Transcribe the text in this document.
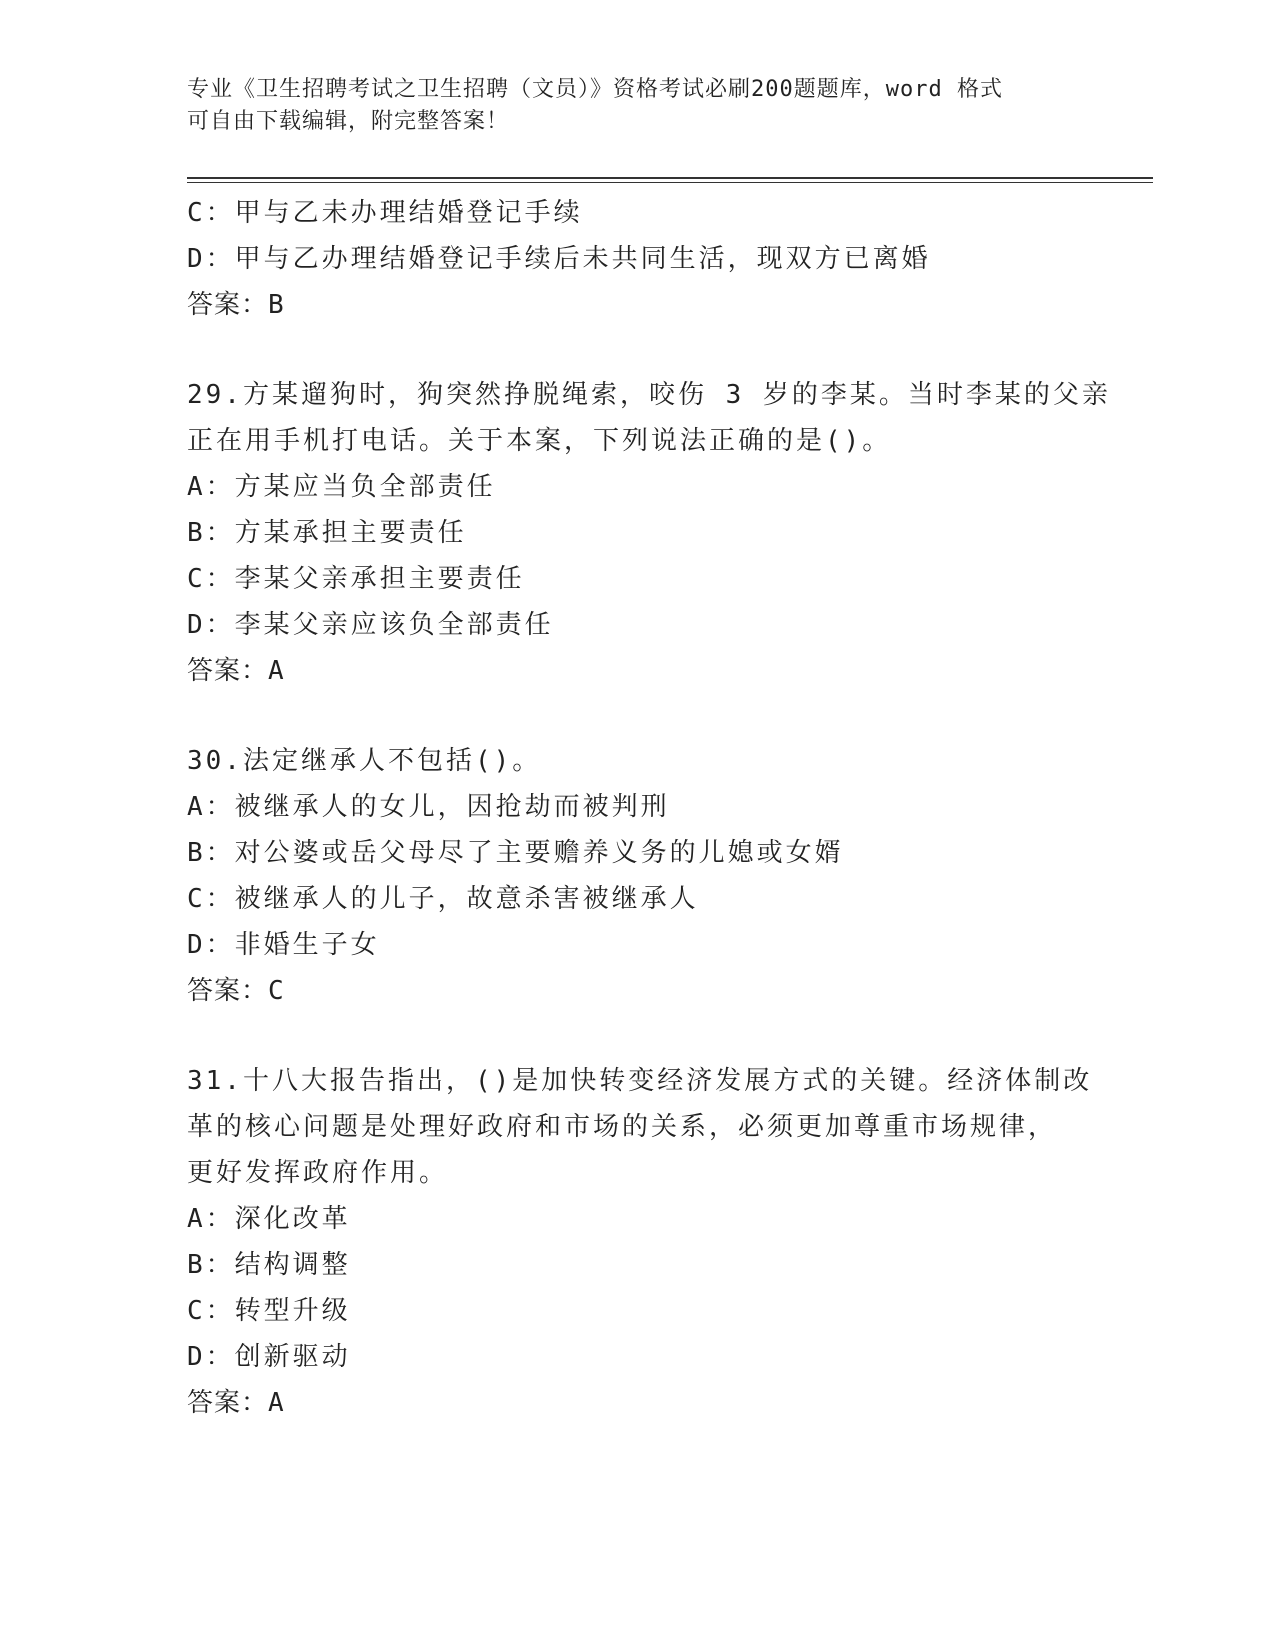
专业《卫生招聘考试之卫生招聘（文员）》资格考试必刷200题题库，word 格式
可自由下载编辑，附完整答案！
C：甲与乙未办理结婚登记手续
D：甲与乙办理结婚登记手续后未共同生活，现双方已离婚
答案：B
29.方某遛狗时，狗突然挣脱绳索，咬伤 3 岁的李某。当时李某的父亲
正在用手机打电话。关于本案，下列说法正确的是()。
A：方某应当负全部责任
B：方某承担主要责任
C：李某父亲承担主要责任
D：李某父亲应该负全部责任
答案：A
30.法定继承人不包括()。
A：被继承人的女儿，因抢劫而被判刑
B：对公婆或岳父母尽了主要赡养义务的儿媳或女婿
C：被继承人的儿子，故意杀害被继承人
D：非婚生子女
答案：C
31.十八大报告指出，()是加快转变经济发展方式的关键。经济体制改
革的核心问题是处理好政府和市场的关系，必须更加尊重市场规律，
更好发挥政府作用。
A：深化改革
B：结构调整
C：转型升级
D：创新驱动
答案：A
